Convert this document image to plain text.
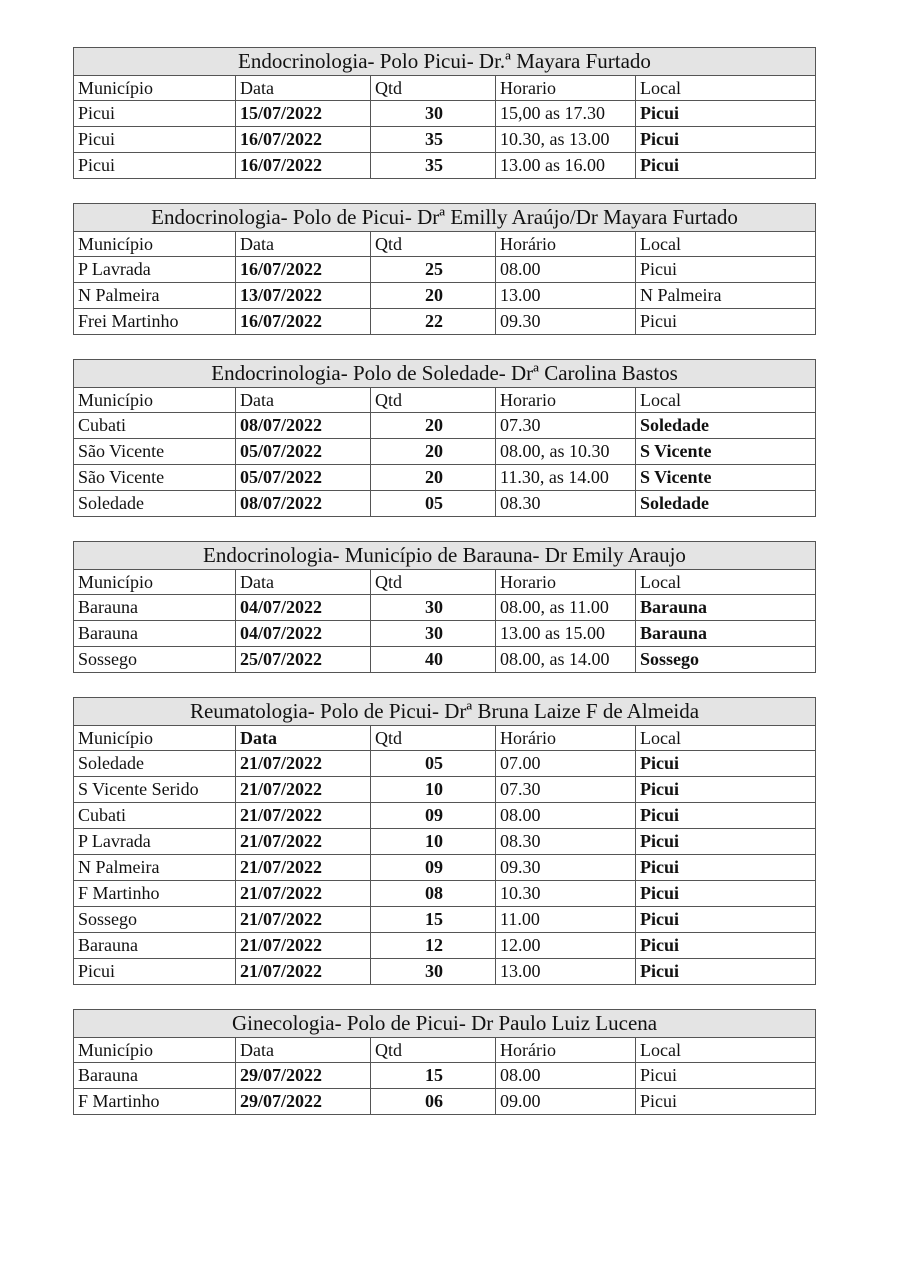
Endocrinologia- Polo Picui- Dr.ª Mayara Furtado				
Município	Data	Qtd	Horario	Local
Picui	15/07/2022	30	15,00 as 17.30	Picui
Picui	16/07/2022	35	10.30, as 13.00	Picui
Picui	16/07/2022	35	13.00 as 16.00	Picui
Endocrinologia- Polo de Picui- Drª Emilly Araújo/Dr Mayara Furtado				
Município	Data	Qtd	Horário	Local
P Lavrada	16/07/2022	25	08.00	Picui
N Palmeira	13/07/2022	20	13.00	N Palmeira
Frei Martinho	16/07/2022	22	09.30	Picui
Endocrinologia- Polo de Soledade- Drª Carolina Bastos				
Município	Data	Qtd	Horario	Local
Cubati	08/07/2022	20	07.30	Soledade
São Vicente	05/07/2022	20	08.00, as 10.30	S Vicente
São Vicente	05/07/2022	20	11.30, as 14.00	S Vicente
Soledade	08/07/2022	05	08.30	Soledade
Endocrinologia- Município de Barauna- Dr Emily Araujo				
Município	Data	Qtd	Horario	Local
Barauna	04/07/2022	30	08.00, as 11.00	Barauna
Barauna	04/07/2022	30	13.00 as 15.00	Barauna
Sossego	25/07/2022	40	08.00, as 14.00	Sossego
Reumatologia- Polo de Picui- Drª Bruna Laize F de Almeida				
Município	Data	Qtd	Horário	Local
Soledade	21/07/2022	05	07.00	Picui
S Vicente Serido	21/07/2022	10	07.30	Picui
Cubati	21/07/2022	09	08.00	Picui
P Lavrada	21/07/2022	10	08.30	Picui
N Palmeira	21/07/2022	09	09.30	Picui
F Martinho	21/07/2022	08	10.30	Picui
Sossego	21/07/2022	15	11.00	Picui
Barauna	21/07/2022	12	12.00	Picui
Picui	21/07/2022	30	13.00	Picui
Ginecologia- Polo de Picui- Dr Paulo Luiz Lucena				
Município	Data	Qtd	Horário	Local
Barauna	29/07/2022	15	08.00	Picui
F Martinho	29/07/2022	06	09.00	Picui
